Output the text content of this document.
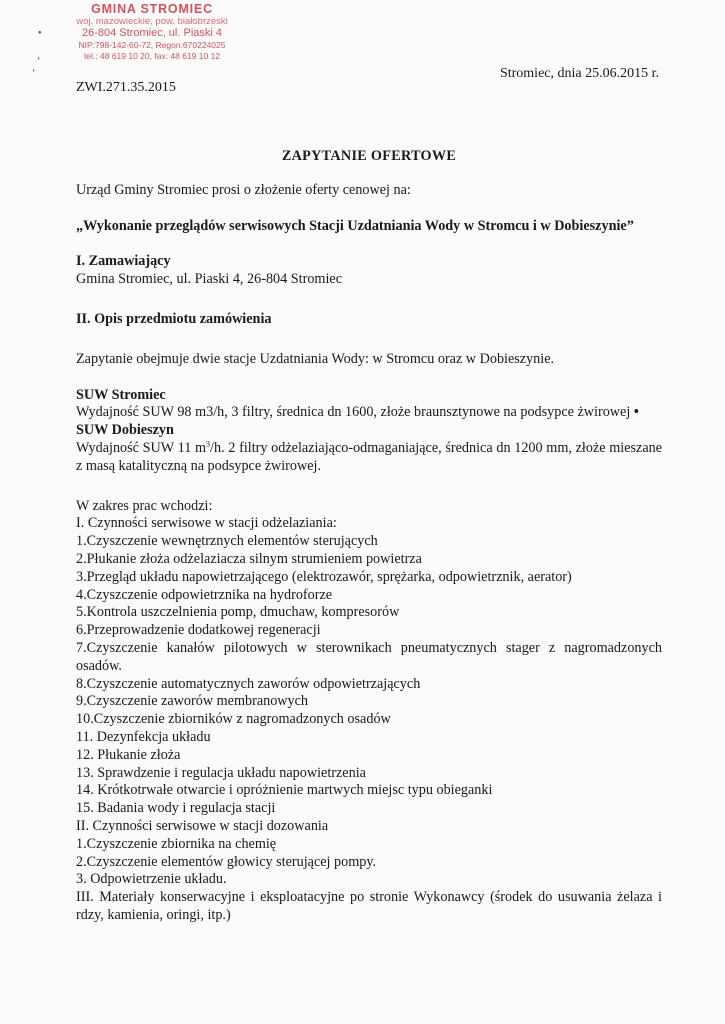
GMINA STROMIEC
woj. mazowieckie, pow. białobrzeski
26-804 Stromiec, ul. Piaski 4
NIP:798-142-60-72, Regon:670224025
tel.: 48 619 10 20, fax: 48 619 10 12
•
‘
‘	Stromiec, dnia 25.06.2015 r.
ZWI.271.35.2015

ZAPYTANIE OFERTOWE

Urząd Gminy Stromiec prosi o złożenie oferty cenowej na:

„Wykonanie przeglądów serwisowych Stacji Uzdatniania Wody w Stromcu i w Dobieszynie”

I. Zamawiający

Gmina Stromiec, ul. Piaski 4, 26-804 Stromiec

II. Opis przedmiotu zamówienia

Zapytanie obejmuje dwie stacje Uzdatniania Wody: w Stromcu oraz w Dobieszynie.

SUW Stromiec

Wydajność SUW 98 m3/h, 3 filtry, średnica dn 1600, złoże braunsztynowe na podsypce żwirowej •

SUW Dobieszyn

Wydajność SUW 11 $m^3/h$. 2 filtry odżelaziająco-odmaganiające, średnica dn 1200 mm, złoże mieszane z masą katalityczną na podsypce żwirowej.

W zakres prac wchodzi:

I. Czynności serwisowe w stacji odżelaziania:

1.Czyszczenie wewnętrznych elementów sterujących

2.Płukanie złoża odżelaziacza silnym strumieniem powietrza

3.Przegląd układu napowietrzającego (elektrozawór, sprężarka, odpowietrznik, aerator)

4.Czyszczenie odpowietrznika na hydroforze

5.Kontrola uszczelnienia pomp, dmuchaw, kompresorów

6.Przeprowadzenie dodatkowej regeneracji

7.Czyszczenie kanałów pilotowych w sterownikach pneumatycznych stager z nagromadzonych osadów.

8.Czyszczenie automatycznych zaworów odpowietrzających

9.Czyszczenie zaworów membranowych

10.Czyszczenie zbiorników z nagromadzonych osadów

11. Dezynfekcja układu

12. Płukanie złoża

13. Sprawdzenie i regulacja układu napowietrzenia

14. Krótkotrwałe otwarcie i opróżnienie martwych miejsc typu obieganki

15. Badania wody i regulacja stacji

II. Czynności serwisowe w stacji dozowania

1.Czyszczenie zbiornika na chemię

2.Czyszczenie elementów głowicy sterującej pompy.

3. Odpowietrzenie układu.

III. Materiały konserwacyjne i eksploatacyjne po stronie Wykonawcy (środek do usuwania żelaza i rdzy, kamienia, oringi, itp.)
